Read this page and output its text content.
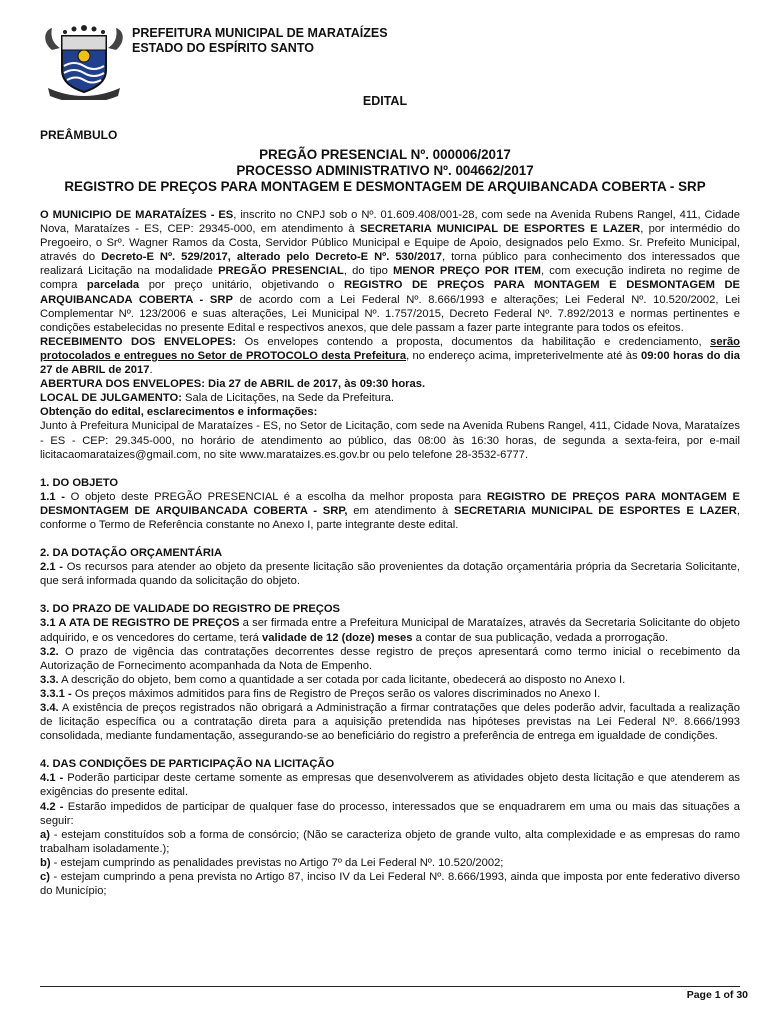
PREFEITURA MUNICIPAL DE MARATAÍZES
ESTADO DO ESPÍRITO SANTO
EDITAL
PREÂMBULO
PREGÃO PRESENCIAL Nº. 000006/2017
PROCESSO ADMINISTRATIVO Nº. 004662/2017
REGISTRO DE PREÇOS PARA MONTAGEM E DESMONTAGEM DE ARQUIBANCADA COBERTA - SRP

O MUNICIPIO DE MARATAÍZES - ES, inscrito no CNPJ sob o Nº. 01.609.408/001-28, com sede na Avenida Rubens Rangel, 411, Cidade Nova, Marataízes - ES, CEP: 29345-000, em atendimento à SECRETARIA MUNICIPAL DE ESPORTES E LAZER, por intermédio do Pregoeiro, o Srº. Wagner Ramos da Costa, Servidor Público Municipal e Equipe de Apoio, designados pelo Exmo. Sr. Prefeito Municipal, através do Decreto-E Nº. 529/2017, alterado pelo Decreto-E Nº. 530/2017, torna público para conhecimento dos interessados que realizará Licitação na modalidade PREGÃO PRESENCIAL, do tipo MENOR PREÇO POR ITEM, com execução indireta no regime de compra parcelada por preço unitário, objetivando o REGISTRO DE PREÇOS PARA MONTAGEM E DESMONTAGEM DE ARQUIBANCADA COBERTA - SRP de acordo com a Lei Federal Nº. 8.666/1993 e alterações; Lei Federal Nº. 10.520/2002, Lei Complementar Nº. 123/2006 e suas alterações, Lei Municipal Nº. 1.757/2015, Decreto Federal Nº. 7.892/2013 e normas pertinentes e condições estabelecidas no presente Edital e respectivos anexos, que dele passam a fazer parte integrante para todos os efeitos.

RECEBIMENTO DOS ENVELOPES: Os envelopes contendo a proposta, documentos da habilitação e credenciamento, serão protocolados e entregues no Setor de PROTOCOLO desta Prefeitura, no endereço acima, impreterivelmente até às 09:00 horas do dia 27 de ABRIL de 2017.

ABERTURA DOS ENVELOPES: Dia 27 de ABRIL de 2017, às 09:30 horas.

LOCAL DE JULGAMENTO: Sala de Licitações, na Sede da Prefeitura.

Obtenção do edital, esclarecimentos e informações:

Junto à Prefeitura Municipal de Marataízes - ES, no Setor de Licitação, com sede na Avenida Rubens Rangel, 411, Cidade Nova, Marataízes - ES - CEP: 29.345-000, no horário de atendimento ao público, das 08:00 às 16:30 horas, de segunda a sexta-feira, por e-mail licitacaomarataizes@gmail.com, no site www.marataizes.es.gov.br ou pelo telefone 28-3532-6777.

1. DO OBJETO

1.1 - O objeto deste PREGÃO PRESENCIAL é a escolha da melhor proposta para REGISTRO DE PREÇOS PARA MONTAGEM E DESMONTAGEM DE ARQUIBANCADA COBERTA - SRP, em atendimento à SECRETARIA MUNICIPAL DE ESPORTES E LAZER, conforme o Termo de Referência constante no Anexo I, parte integrante deste edital.

2. DA DOTAÇÃO ORÇAMENTÁRIA

2.1 - Os recursos para atender ao objeto da presente licitação são provenientes da dotação orçamentária própria da Secretaria Solicitante, que será informada quando da solicitação do objeto.

3. DO PRAZO DE VALIDADE DO REGISTRO DE PREÇOS

3.1 A ATA DE REGISTRO DE PREÇOS a ser firmada entre a Prefeitura Municipal de Marataízes, através da Secretaria Solicitante do objeto adquirido, e os vencedores do certame, terá validade de 12 (doze) meses a contar de sua publicação, vedada a prorrogação.

3.2. O prazo de vigência das contratações decorrentes desse registro de preços apresentará como termo inicial o recebimento da Autorização de Fornecimento acompanhada da Nota de Empenho.

3.3. A descrição do objeto, bem como a quantidade a ser cotada por cada licitante, obedecerá ao disposto no Anexo I.

3.3.1 - Os preços máximos admitidos para fins de Registro de Preços serão os valores discriminados no Anexo I.

3.4. A existência de preços registrados não obrigará a Administração a firmar contratações que deles poderão advir, facultada a realização de licitação específica ou a contratação direta para a aquisição pretendida nas hipóteses previstas na Lei Federal Nº. 8.666/1993 consolidada, mediante fundamentação, assegurando-se ao beneficiário do registro a preferência de entrega em igualdade de condições.

4. DAS CONDIÇÕES DE PARTICIPAÇÃO NA LICITAÇÃO

4.1 - Poderão participar deste certame somente as empresas que desenvolverem as atividades objeto desta licitação e que atenderem as exigências do presente edital.

4.2 - Estarão impedidos de participar de qualquer fase do processo, interessados que se enquadrarem em uma ou mais das situações a seguir:

a) - estejam constituídos sob a forma de consórcio; (Não se caracteriza objeto de grande vulto, alta complexidade e as empresas do ramo trabalham isoladamente.);

b) - estejam cumprindo as penalidades previstas no Artigo 7º da Lei Federal Nº. 10.520/2002;

c) - estejam cumprindo a pena prevista no Artigo 87, inciso IV da Lei Federal Nº. 8.666/1993, ainda que imposta por ente federativo diverso do Município;

Page 1 of 30
